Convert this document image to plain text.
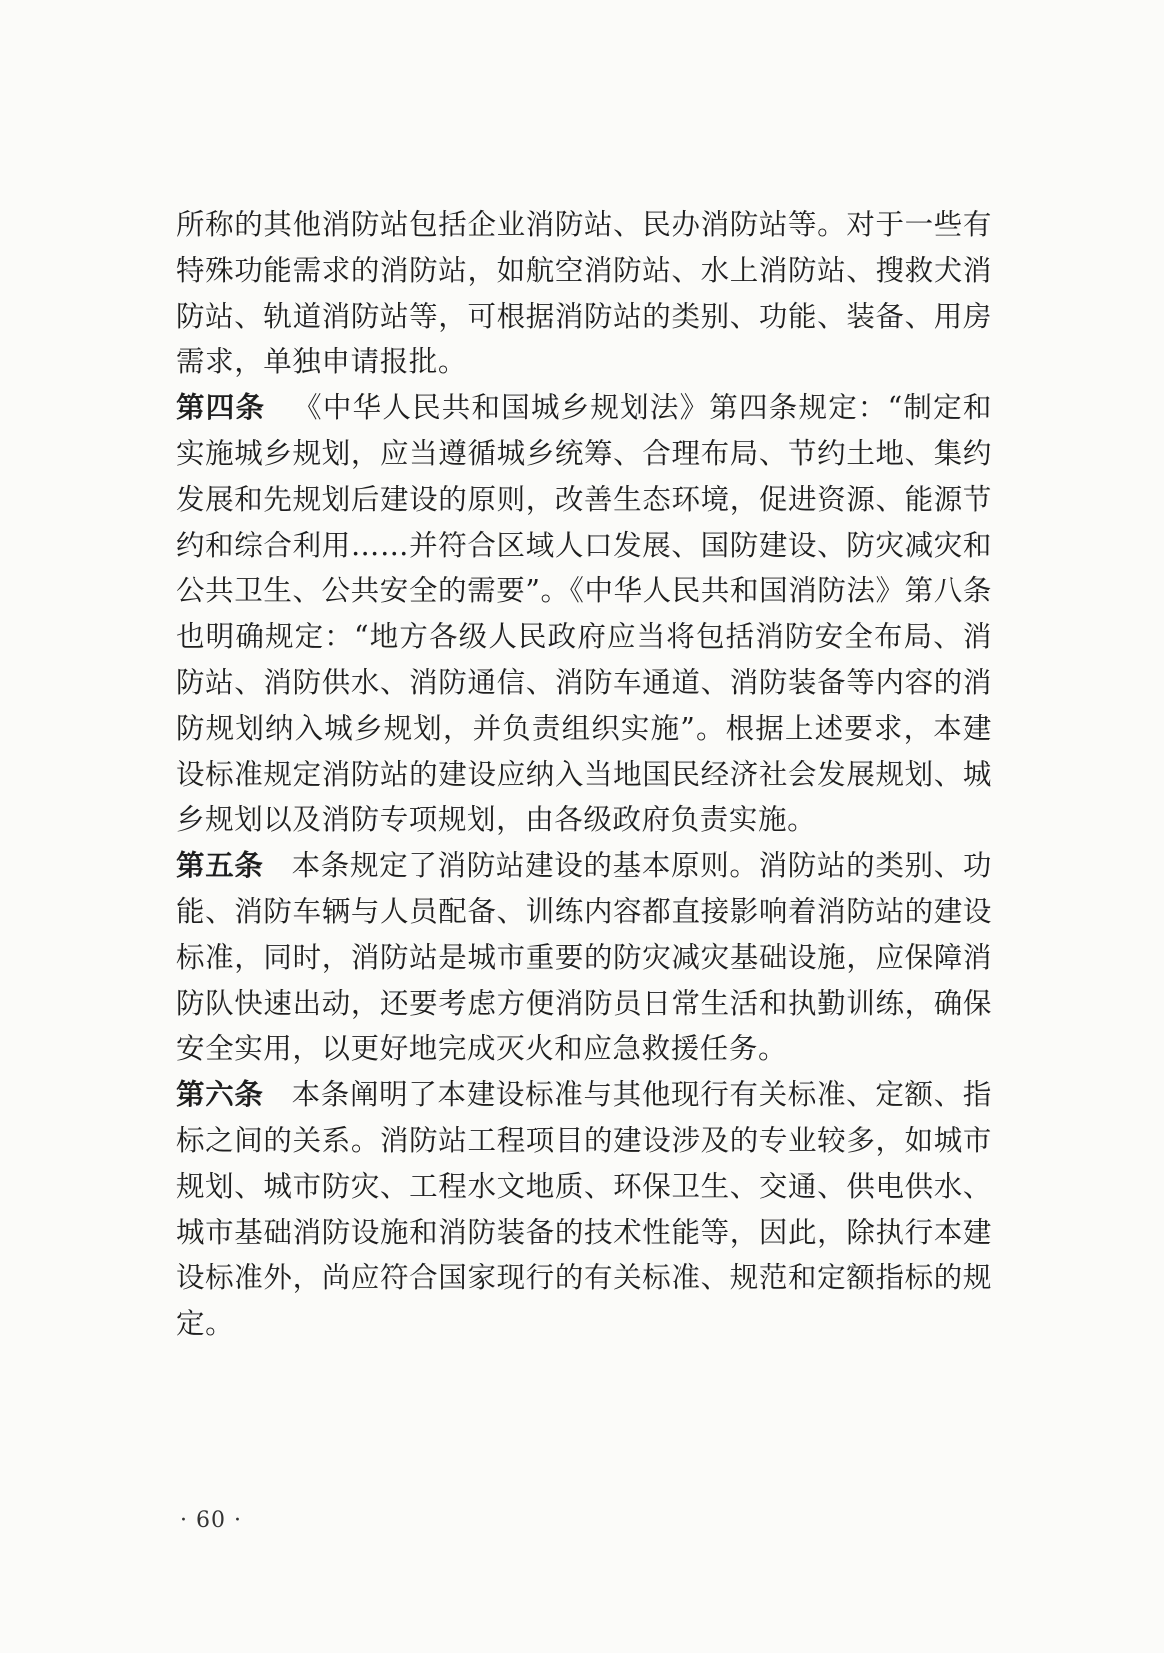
所称的其他消防站包括企业消防站、民办消防站等。对于一些有特殊功能需求的消防站，如航空消防站、水上消防站、搜救犬消防站、轨道消防站等，可根据消防站的类别、功能、装备、用房需求，单独申请报批。

第四条 《中华人民共和国城乡规划法》第四条规定：“制定和实施城乡规划，应当遵循城乡统筹、合理布局、节约土地、集约发展和先规划后建设的原则，改善生态环境，促进资源、能源节约和综合利用……并符合区域人口发展、国防建设、防灾减灾和公共卫生、公共安全的需要”。《中华人民共和国消防法》第八条也明确规定：“地方各级人民政府应当将包括消防安全布局、消防站、消防供水、消防通信、消防车通道、消防装备等内容的消防规划纳入城乡规划，并负责组织实施”。根据上述要求，本建设标准规定消防站的建设应纳入当地国民经济社会发展规划、城乡规划以及消防专项规划，由各级政府负责实施。

第五条 本条规定了消防站建设的基本原则。消防站的类别、功能、消防车辆与人员配备、训练内容都直接影响着消防站的建设标准，同时，消防站是城市重要的防灾减灾基础设施，应保障消防队快速出动，还要考虑方便消防员日常生活和执勤训练，确保安全实用，以更好地完成灭火和应急救援任务。

第六条 本条阐明了本建设标准与其他现行有关标准、定额、指标之间的关系。消防站工程项目的建设涉及的专业较多，如城市规划、城市防灾、工程水文地质、环保卫生、交通、供电供水、城市基础消防设施和消防装备的技术性能等，因此，除执行本建设标准外，尚应符合国家现行的有关标准、规范和定额指标的规定。

· 60 ·
